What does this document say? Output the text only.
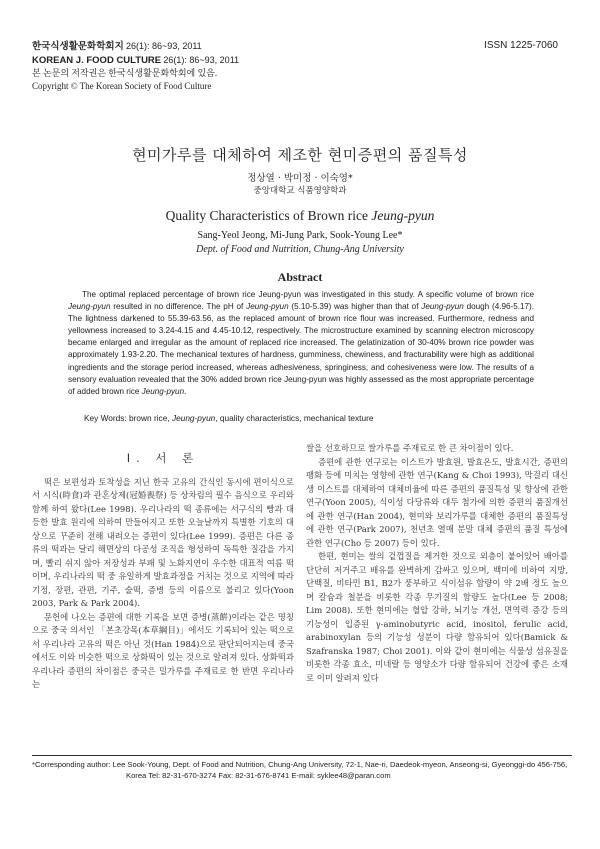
한국식생활문화학회지 26(1): 86~93, 2011
KOREAN J. FOOD CULTURE 26(1): 86~93, 2011
본 논문의 저작권은 한국식생활문화학회에 있음.
Copyright © The Korean Society of Food Culture
ISSN 1225-7060
현미가루를 대체하여 제조한 현미증편의 품질특성
정상열 · 박미정 · 이숙영*
중앙대학교 식품영양학과
Quality Characteristics of Brown rice Jeung-pyun
Sang-Yeol Jeong, Mi-Jung Park, Sook-Young Lee*
Dept. of Food and Nutrition, Chung-Ang University
Abstract

The optimal replaced percentage of brown rice Jeung-pyun was investigated in this study. A specific volume of brown rice Jeung-pyun resulted in no difference. The pH of Jeung-pyun (5.10-5.39) was higher than that of Jeung-pyun dough (4.96-5.17). The lightness darkened to 55.39-63.56, as the replaced amount of brown rice flour was increased. Furthermore, redness and yellowness increased to 3.24-4.15 and 4.45-10.12, respectively. The microstructure examined by scanning electron microscopy became enlarged and irregular as the amount of replaced rice increased. The gelatinization of 30-40% brown rice powder was approximately 1.93-2.20. The mechanical textures of hardness, gumminess, chewiness, and fracturability were high as additional ingredients and the storage period increased, whereas adhesiveness, springiness, and cohesiveness were low. The results of a sensory evaluation revealed that the 30% added brown rice Jeung-pyun was highly assessed as the most appropriate percentage of added brown rice Jeung-pyun.

Key Words: brown rice, Jeung-pyun, quality characteristics, mechanical texture

I. 서 론

떡은 보편성과 토착성을 지닌 한국 고유의 간식인 동시에 편이식으로서 시식(時食)과 관혼상제(冠婚喪祭) 등 상차림의 필수 음식으로 우리와 함께 하여 왔다(Lee 1998). 우리나라의 떡 종류에는 서구식의 빵과 대등한 발효 원리에 의하여 만들어지고 또한 오늘날까지 특별한 기호의 대상으로 꾸준히 전해 내려오는 증편이 있다(Lee 1999). 증편은 다른 종류의 떡과는 달리 해면상의 다공성 조직을 형성하여 독특한 질감을 가지며, 빨리 쉬지 않아 저장성과 부패 및 노화지연이 우수한 대표적 여름 떡이며, 우리나라의 떡 중 유일하게 발효과정을 거치는 것으로 지역에 따라 기정, 장편, 관편, 기주, 술떡, 증병 등의 이름으로 불리고 있다(Yoon 2003, Park & Park 2004).

문헌에 나오는 증편에 대한 기록을 보면 증병(蒸餠)이라는 같은 명칭으로 중국 의서인 「본초강목(本草綱目)」에서도 기록되어 있는 떡으로서 우리나라 고유의 떡은 아닌 것(Han 1984)으로 판단되어지는데 중국에서도 이와 비슷한 떡으로 상화떡이 있는 것으로 알려져 있다. 상화떡과 우리나라 증편의 차이점은 중국은 밀가루를 주재료로 한 반면 우리나라는

쌀을 선호하므로 쌀가루를 주재료로 한 큰 차이점이 있다.

증편에 관한 연구로는 이스트가 발효원, 발효온도, 발효시간, 증편의 팽화 등에 미치는 영향에 관한 연구(Kang & Choi 1993), 막걸리 대신 생 이스트를 대체하여 대체비율에 따른 증편의 품질특성 및 향상에 관한 연구(Yoon 2005), 식이성 다당류와 대두 첨가에 의한 증편의 품질개선에 관한 연구(Han 2004), 현미와 보리가루를 대체한 증편의 품질특성에 관한 연구(Park 2007), 천년초 열매 분말 대체 증편의 품질 특성에 관한 연구(Cho 등 2007) 등이 있다.

한편, 현미는 쌀의 겉껍질을 제거한 것으로 외층이 붙어있어 배아를 단단히 저거주고 배유를 완벽하게 감싸고 있으며, 백미에 비하여 지방, 단백질, 비타민 B1, B2가 풍부하고 식이섬유 함량이 약 2배 정도 높으며 칼슘과 철분을 비롯한 각종 무기질의 함량도 높다(Lee 등 2008; Lim 2008). 또한 현미에는 혈압 강하, 뇌기능 개선, 면역력 증강 등의 기능성이 입증된 γ-aminobutyric acid, inositol, ferulic acid, arabinoxylan 등의 기능성 성분이 다량 함유되어 있다(Bamick & Szafranska 1987; Choi 2001). 이와 같이 현미에는 식물성 섬유질을 비롯한 각종 효소, 미네랄 등 영양소가 다량 함유되어 건강에 좋은 소재로 이미 알려져 있다

*Corresponding author: Lee Sook-Young, Dept. of Food and Nutrition, Chung-Ang University, 72-1, Nae-ri, Daedeok-myeon, Anseong-si, Gyeonggi-do 456-756,
Korea Tel: 82-31-670-3274 Fax: 82-31-676-8741 E-mail: syklee48@paran.com
